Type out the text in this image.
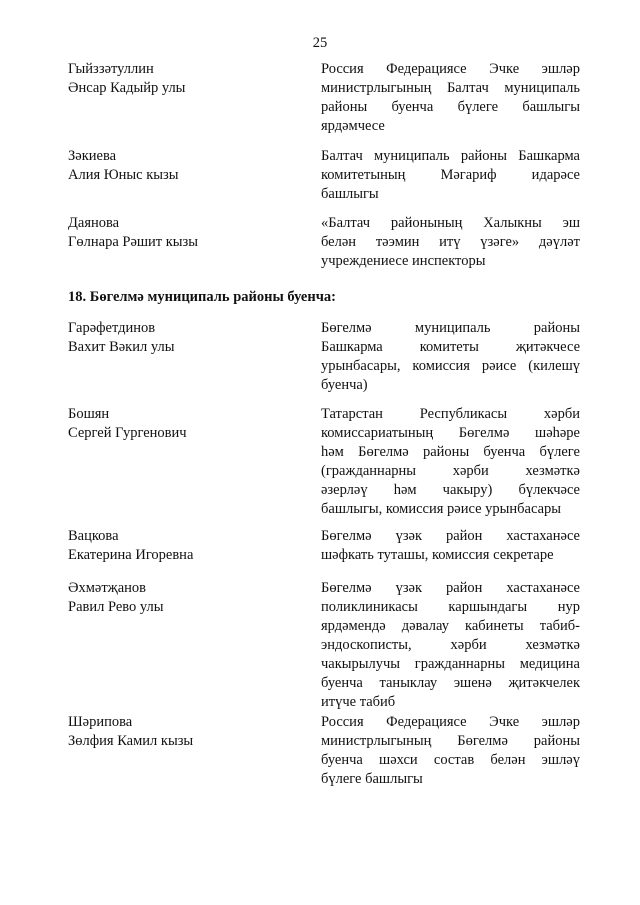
25
Гыйззәтуллин
Әнсар Кадыйр улы
Россия Федерациясе Эчке эшләр
министрлыгының Балтач муниципаль
районы буенча бүлеге башлыгы
ярдәмчесе
Зәкиева
Алия Юныс кызы
Балтач муниципаль районы Башкарма
комитетының Мәгариф идарәсе
башлыгы
Даянова
Гөлнара Рәшит кызы
«Балтач районының Халыкны эш
белән тәэмин итү үзәге» дәүләт
учреждениесе инспекторы
18. Бөгелмә муниципаль районы буенча:
Гарәфетдинов
Вахит Вәкил улы
Бөгелмә муниципаль районы
Башкарма комитеты җитәкчесе
урынбасары, комиссия рәисе (килешү
буенча)
Бошян
Сергей Гургенович
Татарстан Республикасы хәрби
комиссариатының Бөгелмә шәһәре
һәм Бөгелмә районы буенча бүлеге
(гражданнарны хәрби хезмәткә
әзерләү һәм чакыру) бүлекчәсе
башлыгы, комиссия рәисе урынбасары
Вацкова
Екатерина Игоревна
Бөгелмә үзәк район хастаханәсе
шәфкать туташы, комиссия секретаре
Әхмәтҗанов
Равил Рево улы
Бөгелмә үзәк район хастаханәсе
поликлиникасы каршындагы нур
ярдәмендә дәвалау кабинеты табиб-
эндоскописты, хәрби хезмәткә
чакырылучы гражданнарны медицина
буенча таныклау эшенә җитәкчелек
итүче табиб
Шәрипова
Зөлфия Камил кызы
Россия Федерациясе Эчке эшләр
министрлыгының Бөгелмә районы
буенча шәхси состав белән эшләү
бүлеге башлыгы
